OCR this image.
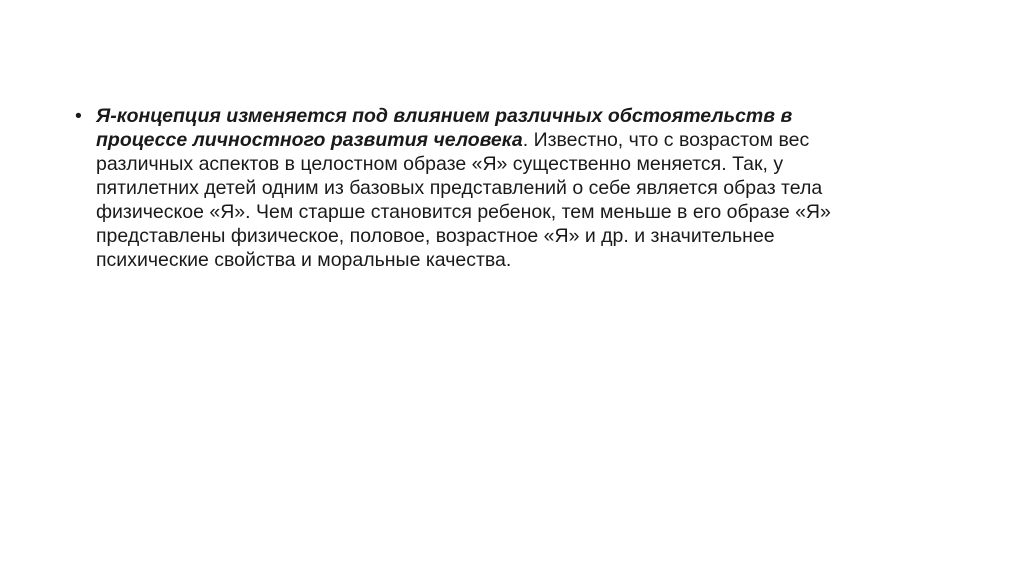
• Я-концепция изменяется под влиянием различных обстоятельств в
процессе личностного развития человека. Известно, что с возрастом вес
различных аспектов в целостном образе «Я» существенно меняется. Так, у
пятилетних детей одним из базовых представлений о себе является образ тела
физическое «Я». Чем старше становится ребенок, тем меньше в его образе «Я»
представлены физическое, половое, возрастное «Я» и др. и значительнее
психические свойства и моральные качества.
